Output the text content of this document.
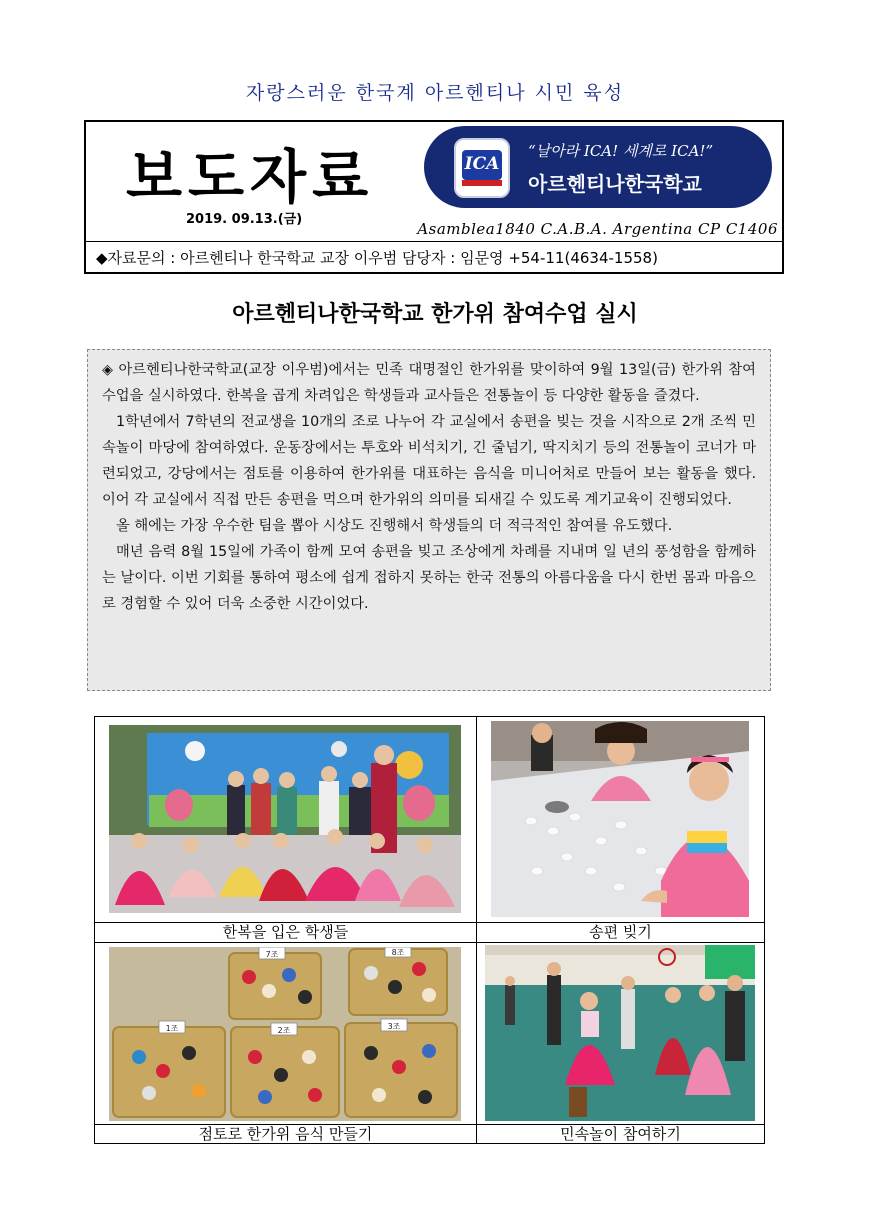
자랑스러운 한국계 아르헨티나 시민 육성
보도자료
2019. 09.13.(금)
ICA
“날아라 ICA! 세계로 ICA!”
아르헨티나한국학교
Asamblea1840 C.A.B.A. Argentina CP C1406
◆자료문의 : 아르헨티나 한국학교 교장 이우범 담당자 : 임문영 +54-11(4634-1558)
아르헨티나한국학교 한가위 참여수업 실시

◈ 아르헨티나한국학교(교장 이우범)에서는 민족 대명절인 한가위를 맞이하여 9월 13일(금) 한가위 참여수업을 실시하였다. 한복을 곱게 차려입은 학생들과 교사들은 전통놀이 등 다양한 활동을 즐겼다.

1학년에서 7학년의 전교생을 10개의 조로 나누어 각 교실에서 송편을 빚는 것을 시작으로 2개 조씩 민속놀이 마당에 참여하였다. 운동장에서는 투호와 비석치기, 긴 줄넘기, 딱지치기 등의 전통놀이 코너가 마련되었고, 강당에서는 점토를 이용하여 한가위를 대표하는 음식을 미니어처로 만들어 보는 활동을 했다. 이어 각 교실에서 직접 만든 송편을 먹으며 한가위의 의미를 되새길 수 있도록 계기교육이 진행되었다.

올 해에는 가장 우수한 팀을 뽑아 시상도 진행해서 학생들의 더 적극적인 참여를 유도했다.

매년 음력 8월 15일에 가족이 함께 모여 송편을 빚고 조상에게 차례를 지내며 일 년의 풍성함을 함께하는 날이다. 이번 기회를 통하여 평소에 쉽게 접하지 못하는 한국 전통의 아름다움을 다시 한번 몸과 마음으로 경험할 수 있어 더욱 소중한 시간이었다.

한복을 입은 학생들	송편 빚기
7조	8조
1조	2조	3조
점토로 한가위 음식 만들기	민속놀이 참여하기
